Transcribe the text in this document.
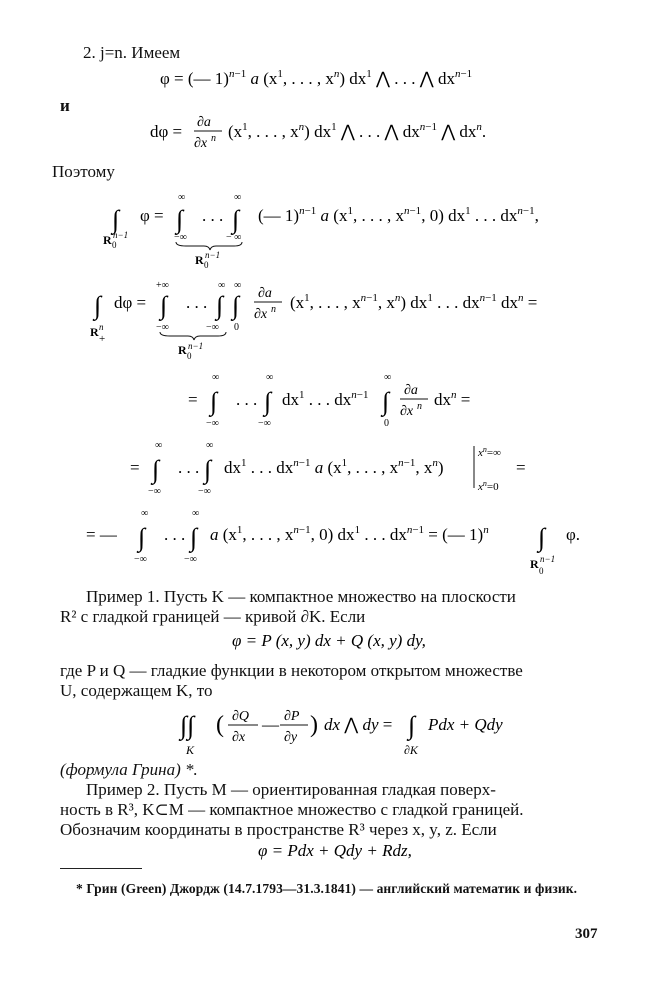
2. j=n. Имеем
φ = (— 1)$^n$−1 a ($x^1$, . . . , $x^n$) $dx^1$ ⋀ . . . ⋀ $dx^n-1$
и
dφ = ∂a
∂x n ($x^1$, . . . , $x^n$) $dx^1$ ⋀ . . . ⋀ $dx^n-1$ ⋀ $dx^n$.
Поэтому
∫
R 0
n−1
φ =
∞
∫
−∞
. . .
∞
∫
− ∞
R 0
n−1
(— 1)$^n$−1 a ($x^1$, . . . , $x^n-1$, 0) $dx^1$ . . . $dx^n-1$,
∫
R +
n
dφ =
+∞
∫
−∞
. . .
∞
∫
−∞
∞
∫
0
R 0
n−1
∂a
∂x n ($x^1$, . . . , $x^n-1$, $x^n$) $dx^1$ . . . $dx^n-1$ $dx^n$ =
=
∞
∫
−∞
. . .
∞
∫
−∞
$dx^1$ . . . $dx^n-1$
∞
∫
0
∂a
∂x n $dx^n$ =
=
∞
∫
−∞
. . .
∞
∫
−∞
$dx^1$ . . . $dx^n-1$ a ($x^1$, . . . , $x^n-1$, $x^n$)
$x^n=\infty$
$x^n=0$
=
= —
∞
∫
−∞
. . .
∞
∫
−∞
a ($x^1$, . . . , $x^n-1$, 0) $dx^1$ . . . $dx^n-1$ = (— 1)$^n$ ∫
R 0
n−1
φ.
Пример 1. Пусть K — компактное множество на плоскости
R² с гладкой границей — кривой ∂K. Если
φ = P (x, y) dx + Q (x, y) dy,
где P и Q — гладкие функции в некотором открытом множестве
U, содержащем K, то
∫∫
K
( ∂Q
∂x
— ∂P
∂y ) dx ⋀ dy = ∫
∂K
Pdx + Qdy
(формула Грина) *.
Пример 2. Пусть M — ориентированная гладкая поверх-
ность в R³, K⊂M — компактное множество с гладкой границей.
Обозначим координаты в пространстве R³ через x, y, z. Если
φ = Pdx + Qdy + Rdz,
* Грин (Green) Джордж (14.7.1793—31.3.1841) — английский математик и физик.
307
